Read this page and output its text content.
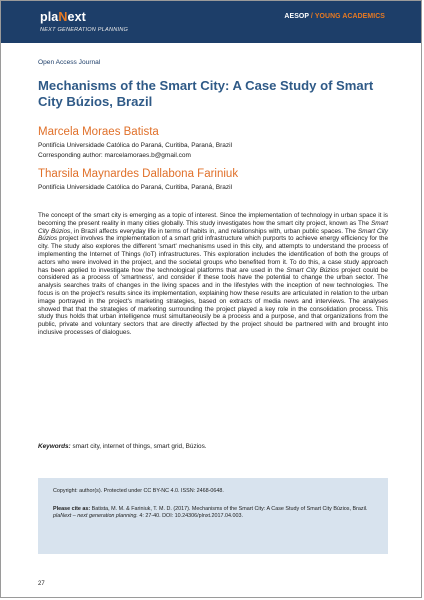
plaNext
NEXT GENERATION PLANNING
AESOP / YOUNG ACADEMICS
Open Access Journal
Mechanisms of the Smart City: A Case Study of Smart City Búzios, Brazil
Marcela Moraes Batista
Pontifícia Universidade Católica do Paraná, Curitiba, Paraná, Brazil
Corresponding author: marcelamoraes.b@gmail.com
Tharsila Maynardes Dallabona Fariniuk
Pontifícia Universidade Católica do Paraná, Curitiba, Paraná, Brazil
The concept of the smart city is emerging as a topic of interest. Since the implementation of technology in urban space it is becoming the present reality in many cities globally. This study investigates how the smart city project, known as The Smart City Búzios, in Brazil affects everyday life in terms of habits in, and relationships with, urban public spaces. The Smart City Búzios project involves the implementation of a smart grid infrastructure which purports to achieve energy efficiency for the city. The study also explores the different 'smart' mechanisms used in this city, and attempts to understand the process of implementing the Internet of Things (IoT) infrastructures. This exploration includes the identification of both the groups of actors who were involved in the project, and the societal groups who benefited from it. To do this, a case study approach has been applied to investigate how the technological platforms that are used in the Smart City Búzios project could be considered as a process of 'smartness', and consider if these tools have the potential to change the urban sector. The analysis searches traits of changes in the living spaces and in the lifestyles with the inception of new technologies. The focus is on the project's results since its implementation, explaining how these results are articulated in relation to the urban image portrayed in the project's marketing strategies, based on extracts of media news and interviews. The analyses showed that that the strategies of marketing surrounding the project played a key role in the consolidation process. This study thus holds that urban intelligence must simultaneously be a process and a purpose, and that organizations from the public, private and voluntary sectors that are directly affected by the project should be partnered with and brought into inclusive processes of dialogues.
Keywords: smart city, internet of things, smart grid, Búzios.
Copyright: author(s). Protected under CC BY-NC 4.0. ISSN: 2468-0648.
Please cite as: Batista, M. M. & Fariniuk, T. M. D. (2017). Mechanisms of the Smart City: A Case Study of Smart City Búzios, Brazil. plaNext – next generation planning. 4: 27-40. DOI: 10.24306/plnxt.2017.04.003.
27
